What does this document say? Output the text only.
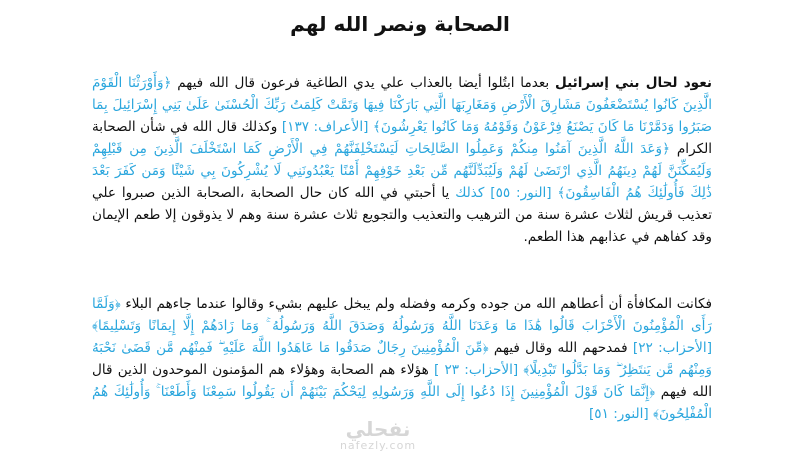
الصحابة ونصر الله لهم
نعود لحال بني إسرائيل بعدما ابتُلوا أيضا بالعذاب علي يدي الطاغية فرعون قال الله فيهم ﴿وَأَوْرَثْنَا الْقَوْمَ الَّذِينَ كَانُوا يُسْتَضْعَفُونَ مَشَارِقَ الْأَرْضِ وَمَغَارِبَهَا الَّتِي بَارَكْنَا فِيهَا وَتَمَّتْ كَلِمَتُ رَبِّكَ الْحُسْنَىٰ عَلَىٰ بَنِي إِسْرَائِيلَ بِمَا صَبَرُوا وَدَمَّرْنَا مَا كَانَ يَصْنَعُ فِرْعَوْنُ وَقَوْمُهُ وَمَا كَانُوا يَعْرِشُونَ﴾ [الأعراف: ١٣٧] وكذلك قال الله في شأن الصحابة الكرام ﴿وَعَدَ اللَّهُ الَّذِينَ آمَنُوا مِنكُمْ وَعَمِلُوا الصَّالِحَاتِ لَيَسْتَخْلِفَنَّهُمْ فِي الْأَرْضِ كَمَا اسْتَخْلَفَ الَّذِينَ مِن قَبْلِهِمْ وَلَيُمَكِّنَنَّ لَهُمْ دِينَهُمُ الَّذِي ارْتَضَىٰ لَهُمْ وَلَيُبَدِّلَنَّهُم مِّن بَعْدِ خَوْفِهِمْ أَمْنًا يَعْبُدُونَنِي لَا يُشْرِكُونَ بِي شَيْئًا وَمَن كَفَرَ بَعْدَ ذَٰلِكَ فَأُولَٰئِكَ هُمُ الْفَاسِقُونَ﴾ [النور: ٥٥] كذلك يا أحبتي في الله كان حال الصحابة ،الصحابة الذين صبروا علي تعذيب قريش لثلاث عشرة سنة من الترهيب والتعذيب والتجويع ثلاث عشرة سنة وهم لا يذوقون إلا طعم الإيمان وقد كفاهم في عذابهم هذا الطعم.
فكانت المكافأة أن أعطاهم الله من جوده وكرمه وفضله ولم يبخل عليهم بشيء وقالوا عندما جاءهم البلاء ﴿وَلَمَّا رَأَى الْمُؤْمِنُونَ الْأَحْزَابَ قَالُوا هَٰذَا مَا وَعَدَنَا اللَّهُ وَرَسُولُهُ وَصَدَقَ اللَّهُ وَرَسُولُهُ ۚ وَمَا زَادَهُمْ إِلَّا إِيمَانًا وَتَسْلِيمًا﴾ [الأحزاب: ٢٢] فمدحهم الله وقال فيهم ﴿مِّنَ الْمُؤْمِنِينَ رِجَالٌ صَدَقُوا مَا عَاهَدُوا اللَّهَ عَلَيْهِ ۖ فَمِنْهُم مَّن قَضَىٰ نَحْبَهُ وَمِنْهُم مَّن يَنتَظِرُ ۖ وَمَا بَدَّلُوا تَبْدِيلًا﴾ [الأحزاب: ٢٣ ] هؤلاء هم الصحابة وهؤلاء هم المؤمنون الموحدون الذين قال الله فيهم ﴿إِنَّمَا كَانَ قَوْلَ الْمُؤْمِنِينَ إِذَا دُعُوا إِلَى اللَّهِ وَرَسُولِهِ لِيَحْكُمَ بَيْنَهُمْ أَن يَقُولُوا سَمِعْنَا وَأَطَعْنَا ۚ وَأُولَٰئِكَ هُمُ الْمُفْلِحُونَ﴾ [النور: ٥١]
نفحلي
nafezly.com
